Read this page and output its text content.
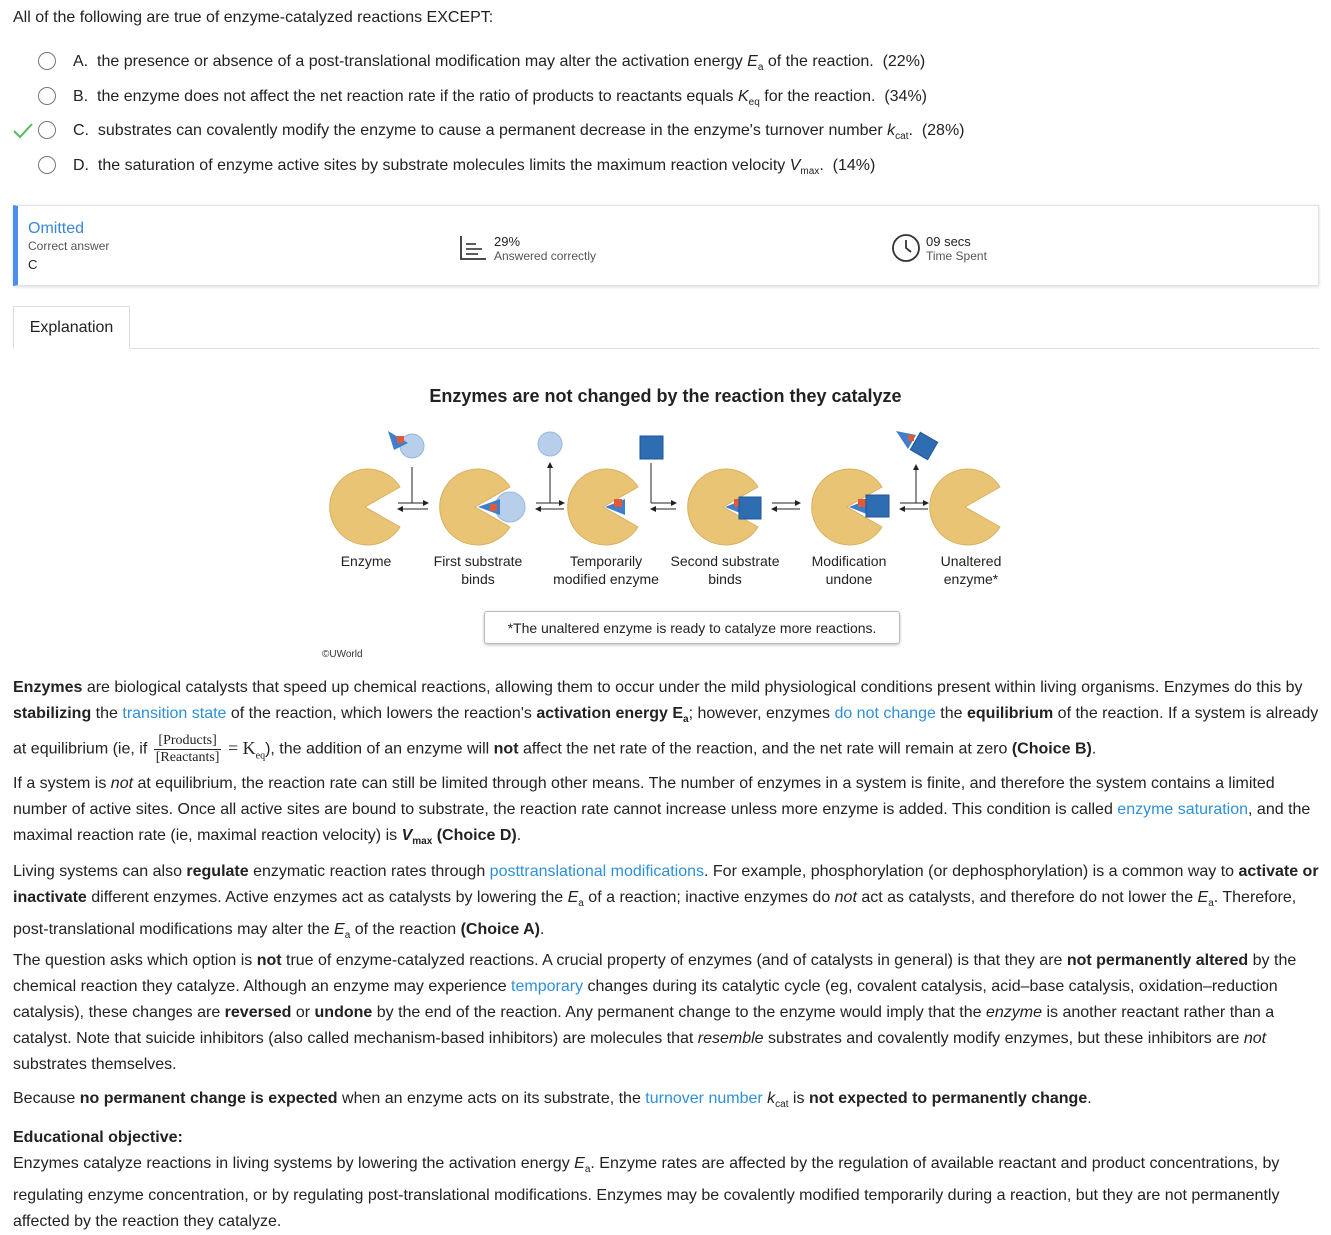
All of the following are true of enzyme-catalyzed reactions EXCEPT:
A. the presence or absence of a post-translational modification may alter the activation energy $E_a$ of the reaction. (22%)
B. the enzyme does not affect the net reaction rate if the ratio of products to reactants equals $K_{eq}$ for the reaction. (34%)
C. substrates can covalently modify the enzyme to cause a permanent decrease in the enzyme's turnover number $k_{cat}$. (28%)
D. the saturation of enzyme active sites by substrate molecules limits the maximum reaction velocity $V_{max}$. (14%)
Omitted
Correct answer
C
29%
Answered correctly
09 secs
Time Spent
Explanation
Enzymes are not changed by the reaction they catalyze
Enzyme	First substrate
binds
Temporarily
modified enzyme
Second substrate
binds
Modification
undone
Unaltered
enzyme*
*The unaltered enzyme is ready to catalyze more reactions.
©UWorld
Enzymes are biological catalysts that speed up chemical reactions, allowing them to occur under the mild physiological conditions present within living organisms. Enzymes do this by stabilizing the transition state of the reaction, which lowers the reaction's activation energy $E_a$; however, enzymes do not change the equilibrium of the reaction. If a system is already at equilibrium (ie, if $\frac{\text{[Products]}}{\text{[Reactants]}} = K_{eq}$), the addition of an enzyme will not affect the net rate of the reaction, and the net rate will remain at zero (Choice B).
If a system is not at equilibrium, the reaction rate can still be limited through other means. The number of enzymes in a system is finite, and therefore the system contains a limited number of active sites. Once all active sites are bound to substrate, the reaction rate cannot increase unless more enzyme is added. This condition is called enzyme saturation, and the maximal reaction rate (ie, maximal reaction velocity) is $V_{max}$ (Choice D).
Living systems can also regulate enzymatic reaction rates through posttranslational modifications. For example, phosphorylation (or dephosphorylation) is a common way to activate or inactivate different enzymes. Active enzymes act as catalysts by lowering the $E_a$ of a reaction; inactive enzymes do not act as catalysts, and therefore do not lower the $E_a$. Therefore, post-translational modifications may alter the $E_a$ of the reaction (Choice A).
The question asks which option is not true of enzyme-catalyzed reactions. A crucial property of enzymes (and of catalysts in general) is that they are not permanently altered by the chemical reaction they catalyze. Although an enzyme may experience temporary changes during its catalytic cycle (eg, covalent catalysis, acid–base catalysis, oxidation–reduction catalysis), these changes are reversed or undone by the end of the reaction. Any permanent change to the enzyme would imply that the enzyme is another reactant rather than a catalyst. Note that suicide inhibitors (also called mechanism-based inhibitors) are molecules that resemble substrates and covalently modify enzymes, but these inhibitors are not substrates themselves.
Because no permanent change is expected when an enzyme acts on its substrate, the turnover number $k_{cat}$ is not expected to permanently change.
Educational objective:
Enzymes catalyze reactions in living systems by lowering the activation energy $E_a$. Enzyme rates are affected by the regulation of available reactant and product concentrations, by regulating enzyme concentration, or by regulating post-translational modifications. Enzymes may be covalently modified temporarily during a reaction, but they are not permanently affected by the reaction they catalyze.
